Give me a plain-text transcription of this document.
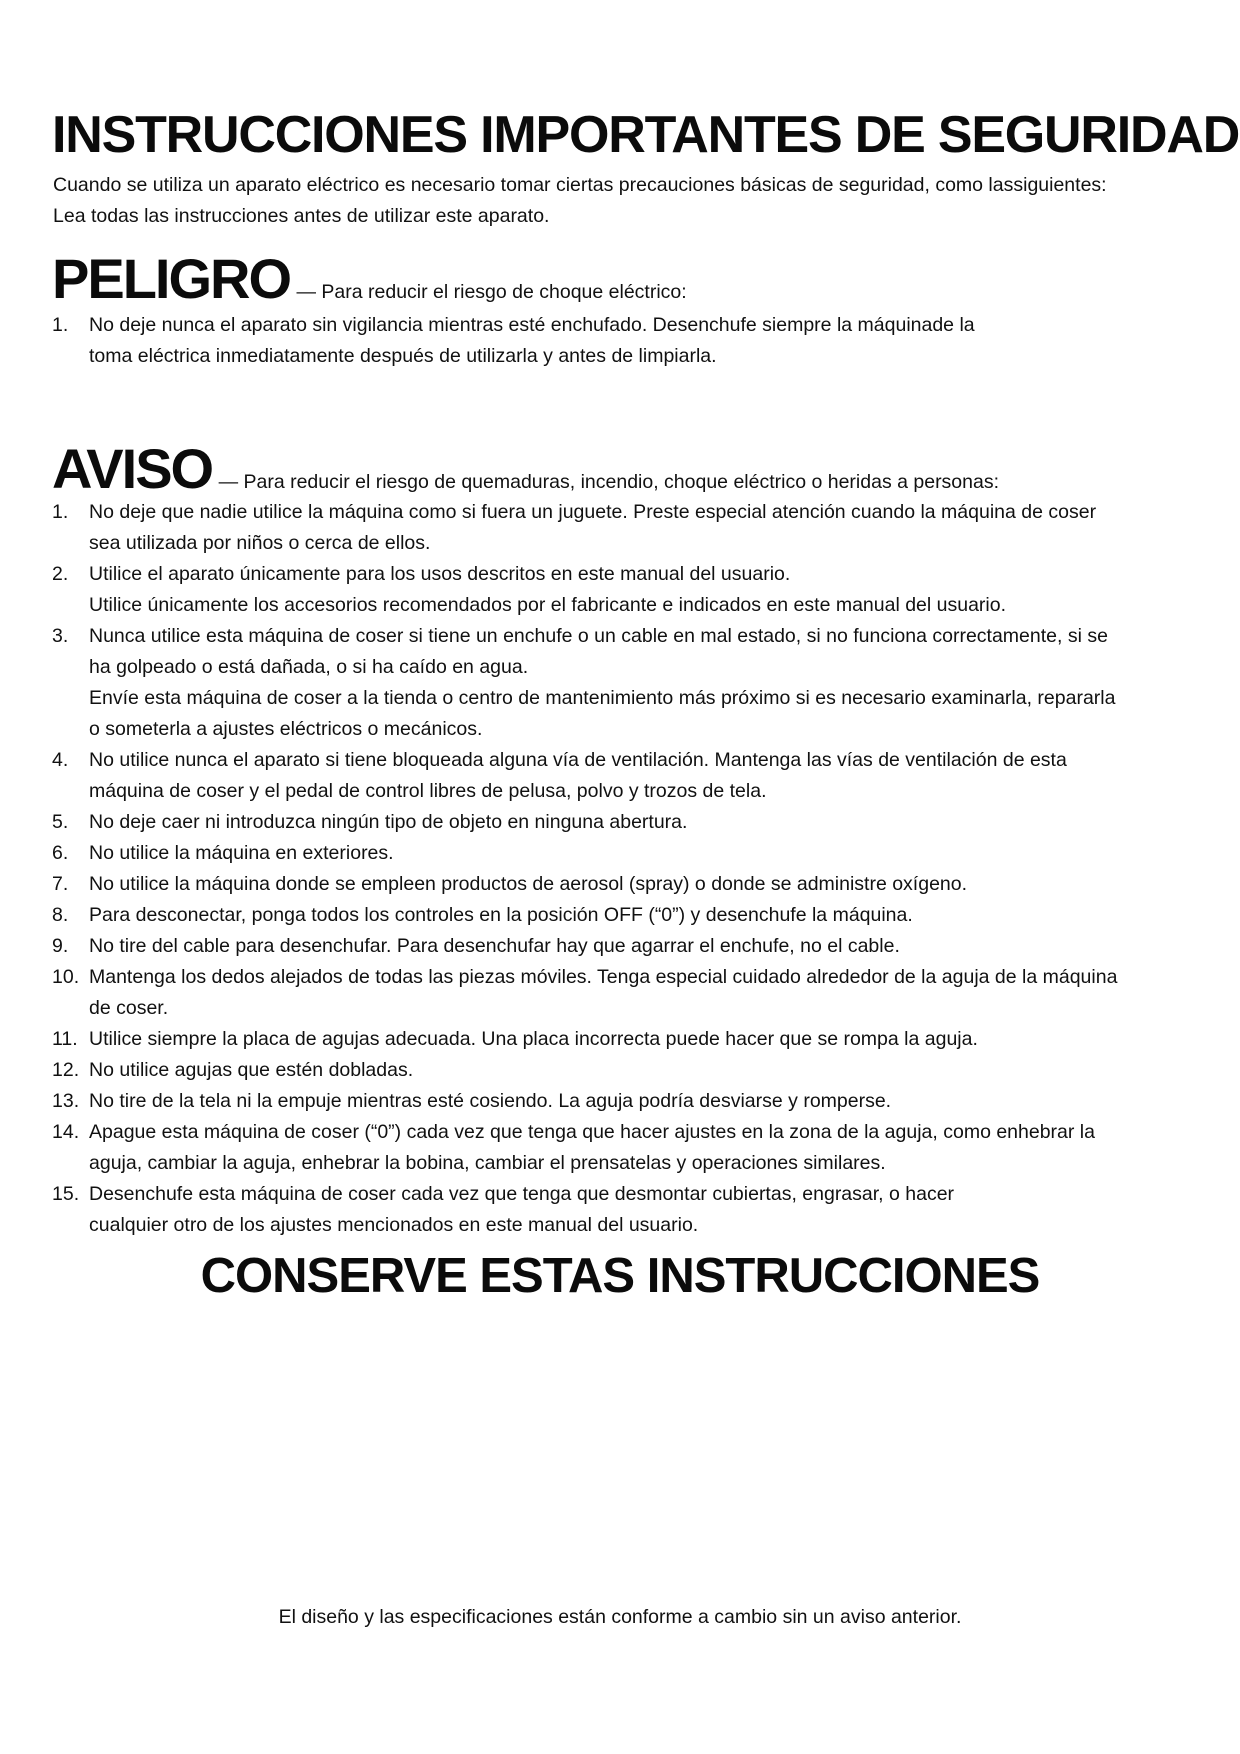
INSTRUCCIONES IMPORTANTES DE SEGURIDAD
Cuando se utiliza un aparato eléctrico es necesario tomar ciertas precauciones básicas de seguridad, como lassiguientes:
Lea todas las instrucciones antes de utilizar este aparato.
PELIGRO — Para reducir el riesgo de choque eléctrico:
1. No deje nunca el aparato sin vigilancia mientras esté enchufado. Desenchufe siempre la máquinade la
toma eléctrica inmediatamente después de utilizarla y antes de limpiarla.
AVISO — Para reducir el riesgo de quemaduras, incendio, choque eléctrico o heridas a personas:
1. No deje que nadie utilice la máquina como si fuera un juguete. Preste especial atención cuando la máquina de coser
sea utilizada por niños o cerca de ellos.
2. Utilice el aparato únicamente para los usos descritos en este manual del usuario.
Utilice únicamente los accesorios recomendados por el fabricante e indicados en este manual del usuario.
3. Nunca utilice esta máquina de coser si tiene un enchufe o un cable en mal estado, si no funciona correctamente, si se
ha golpeado o está dañada, o si ha caído en agua.
Envíe esta máquina de coser a la tienda o centro de mantenimiento más próximo si es necesario examinarla, repararla
o someterla a ajustes eléctricos o mecánicos.
4. No utilice nunca el aparato si tiene bloqueada alguna vía de ventilación. Mantenga las vías de ventilación de esta
máquina de coser y el pedal de control libres de pelusa, polvo y trozos de tela.
5. No deje caer ni introduzca ningún tipo de objeto en ninguna abertura.
6. No utilice la máquina en exteriores.
7. No utilice la máquina donde se empleen productos de aerosol (spray) o donde se administre oxígeno.
8. Para desconectar, ponga todos los controles en la posición OFF (“0”) y desenchufe la máquina.
9. No tire del cable para desenchufar. Para desenchufar hay que agarrar el enchufe, no el cable.
10. Mantenga los dedos alejados de todas las piezas móviles. Tenga especial cuidado alrededor de la aguja de la máquina
de coser.
11. Utilice siempre la placa de agujas adecuada. Una placa incorrecta puede hacer que se rompa la aguja.
12. No utilice agujas que estén dobladas.
13. No tire de la tela ni la empuje mientras esté cosiendo. La aguja podría desviarse y romperse.
14. Apague esta máquina de coser (“0”) cada vez que tenga que hacer ajustes en la zona de la aguja, como enhebrar la
aguja, cambiar la aguja, enhebrar la bobina, cambiar el prensatelas y operaciones similares.
15. Desenchufe esta máquina de coser cada vez que tenga que desmontar cubiertas, engrasar, o hacer
cualquier otro de los ajustes mencionados en este manual del usuario.
CONSERVE ESTAS INSTRUCCIONES

El diseño y las especificaciones están conforme a cambio sin un aviso anterior.
